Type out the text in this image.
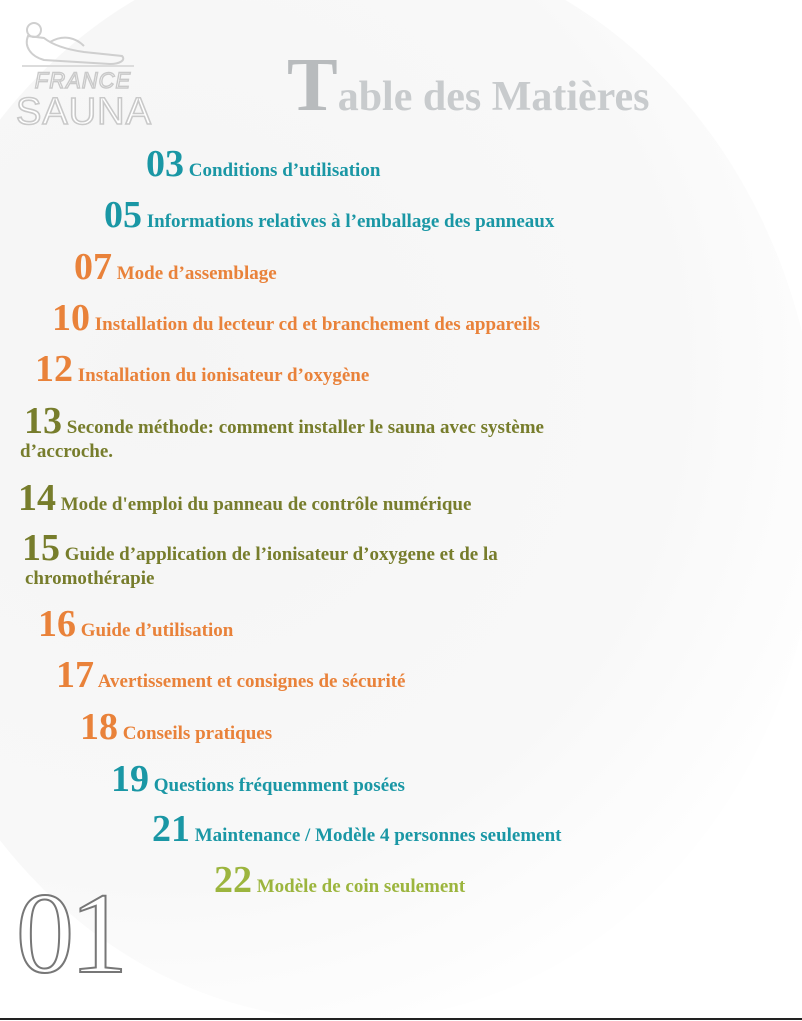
FRANCE
SAUNA Table des Matières
03 Conditions d’utilisation
05 Informations relatives à l’emballage des panneaux
07 Mode d’assemblage
10 Installation du lecteur cd et branchement des appareils
12 Installation du ionisateur d’oxygène
13 Seconde méthode: comment installer le sauna avec système
d’accroche.
14 Mode d'emploi du panneau de contrôle numérique
15 Guide d’application de l’ionisateur d’oxygene et de la
chromothérapie
16 Guide d’utilisation
17 Avertissement et consignes de sécurité
18 Conseils pratiques
19 Questions fréquemment posées
21 Maintenance / Modèle 4 personnes seulement
22 Modèle de coin seulement
01
